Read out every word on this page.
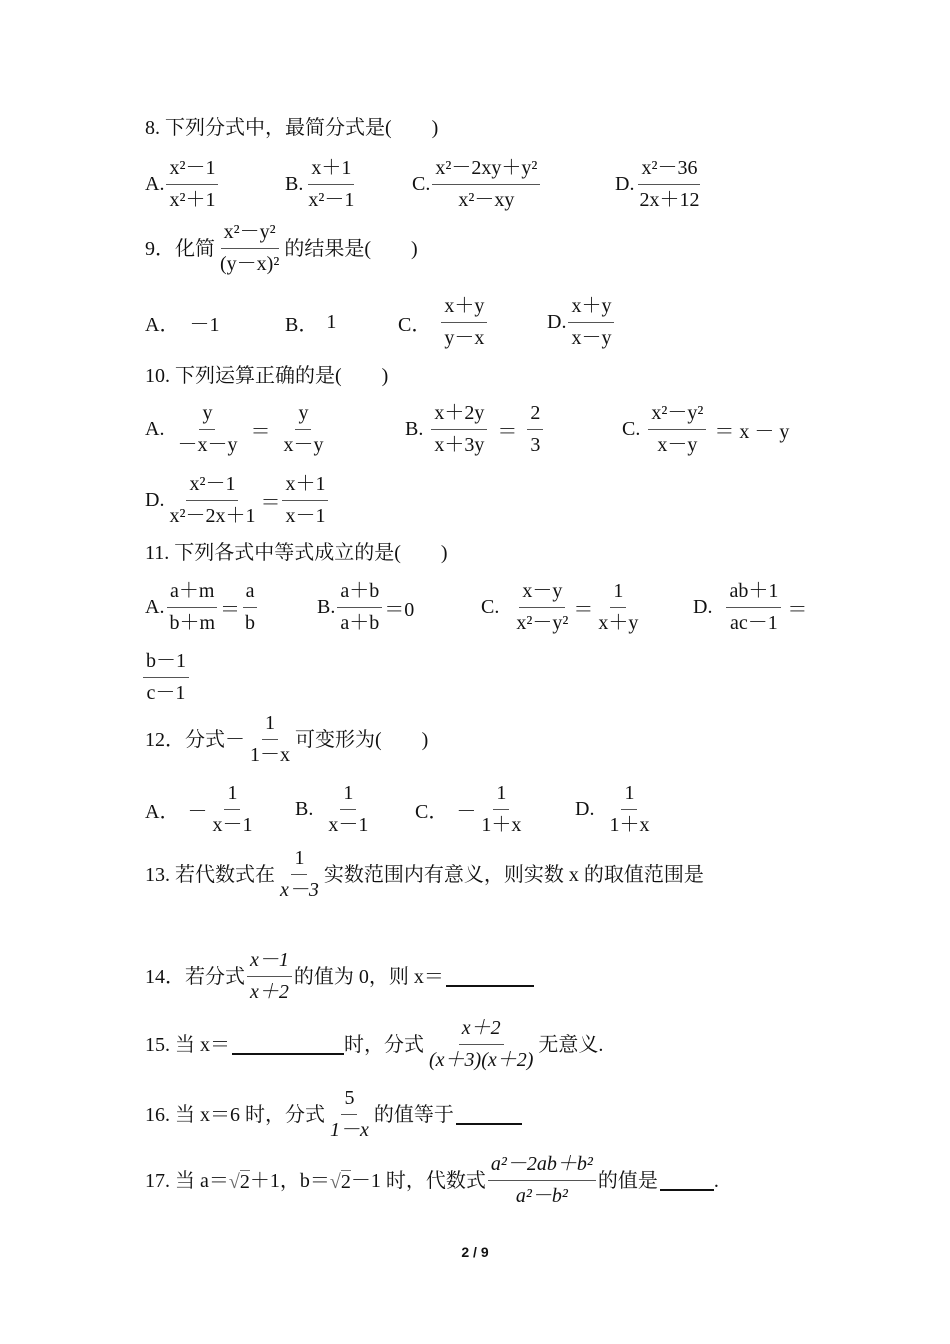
8. 下列分式中，最简分式是(　　)
A. $\frac{\text{x²－1}}{\text{x²＋1}}$	B. $\frac{x+1}{\text{x²－1}}$	C. $\frac{\text{x²－2xy＋y²}}{\text{x²－xy}}$	D. $\frac{\text{x²－36}}{2x+12}$
9．化简 $\frac{\text{x²－y²}}{\text{(y－x)²}}$ 的结果是(　　)
A． －1	B． 1	C． $\frac{x+y}{y-x}$	D. $\frac{x+y}{x-y}$
10. 下列运算正确的是(　　)
A. $\frac{y}{-x-y} = \frac{y}{x-y}$	B. $\frac{x+2y}{x+3y} = \frac{2}{3}$	C. $\frac{\text{x²－y²}}{x-y} = x - y$
D. $\frac{\text{x²－1}}{\text{x²－2x＋1}} = \frac{x+1}{x-1}$
11. 下列各式中等式成立的是(　　)
A. $\frac{a+m}{b+m} = \frac{a}{b}$	B. $\frac{a+b}{a+b} =0$	C. $\frac{x-y}{\text{x²－y²}} = \frac{1}{x+y}$	D. $\frac{ab+1}{ac-1}$ ＝
$\frac{b-1}{c-1}$
12．分式－ $\frac{1}{1-x}$ 可变形为(　　)
A． － $\frac{1}{x-1} B$. $\frac{1}{x-1}$ C． － $\frac{1}{1+x}$	D. $\frac{1}{1+x}$
13. 若代数式在 $\frac{1}{x-3}$ 实数范围内有意义，则实数 x 的取值范围是
14．若分式 $\frac{x-1}{x+2}$ 的值为 0，则 x＝
15. 当 x＝	时，分式 $\frac{x+2}{(x+3)(x+2)}$ 无意义.
16. 当 x＝6 时，分式 $\frac{5}{1-x}$ 的值等于
17. 当 a＝ √ 2 ＋1，b＝ √ 2 －1 时，代数式 $\frac{\text{a²－2ab＋b²}}{\text{a²－b²}}$ 的值是	.
2 / 9
